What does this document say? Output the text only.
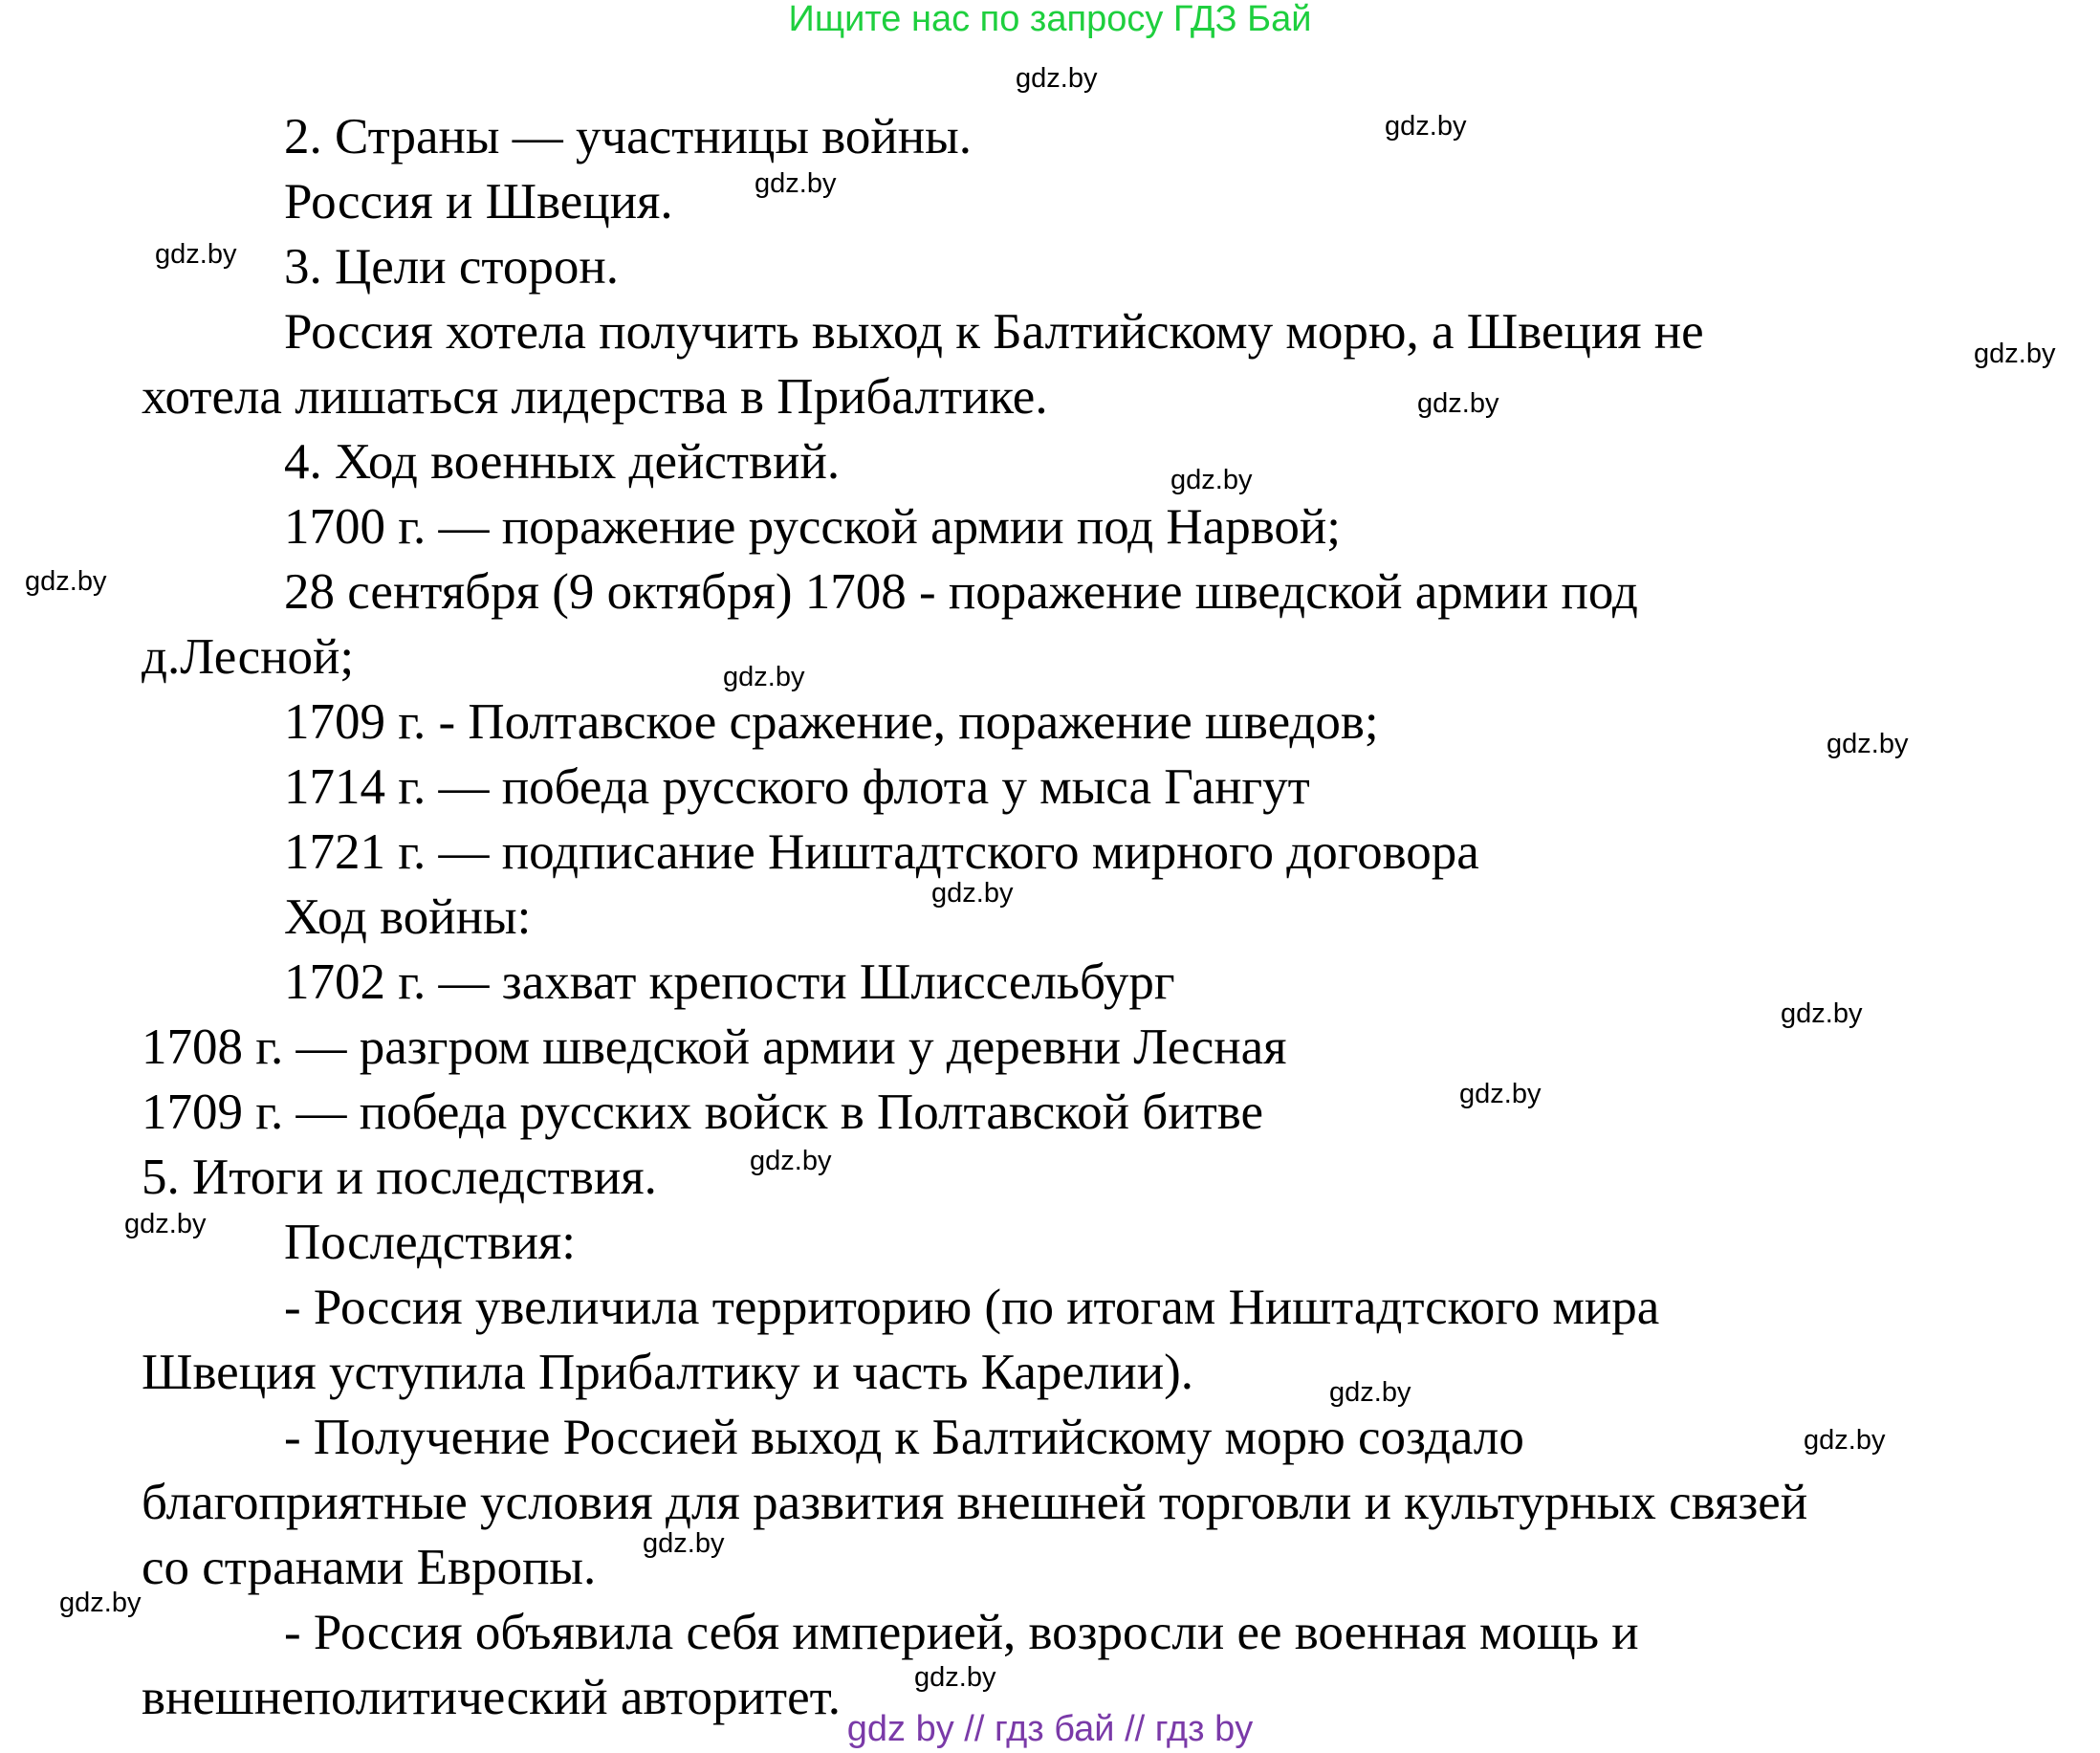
Ищите нас по запросу ГДЗ Бай
2. Страны — участницы войны.
Россия и Швеция.
3. Цели сторон.
Россия хотела получить выход к Балтийскому морю, а Швеция не
хотела лишаться лидерства в Прибалтике.
4. Ход военных действий.
1700 г. — поражение русской армии под Нарвой;
28 сентября (9 октября) 1708 - поражение шведской армии под
д.Лесной;
1709 г. - Полтавское сражение, поражение шведов;
1714 г. — победа русского флота у мыса Гангут
1721 г. — подписание Ништадтского мирного договора
Ход войны:
1702 г. — захват крепости Шлиссельбург
1708 г. — разгром шведской армии у деревни Лесная
1709 г. — победа русских войск в Полтавской битве
5. Итоги и последствия.
Последствия:
- Россия увеличила территорию (по итогам Ништадтского мира
Швеция уступила Прибалтику и часть Карелии).
- Получение Россией выход к Балтийскому морю создало
благоприятные условия для развития внешней торговли и культурных связей
со странами Европы.
- Россия объявила себя империей, возросли ее военная мощь и
внешнеполитический авторитет.
gdz.by
gdz.by
gdz.by
gdz.by
gdz.by
gdz.by
gdz.by
gdz.by
gdz.by
gdz.by
gdz.by
gdz.by
gdz.by
gdz.by
gdz.by
gdz.by
gdz.by
gdz.by
gdz.by
gdz.by
gdz by // гдз бай // гдз by
